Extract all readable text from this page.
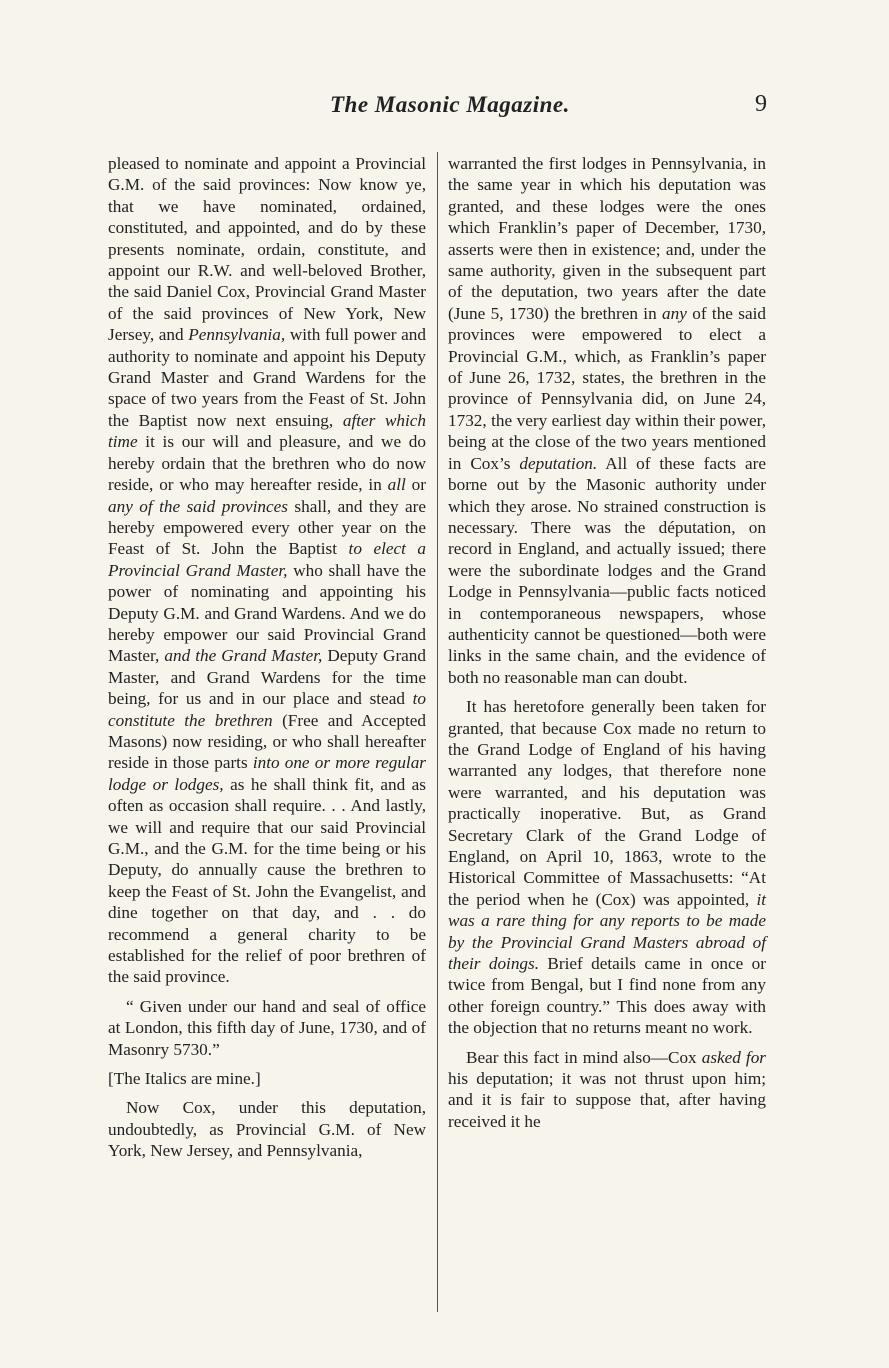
The Masonic Magazine.	9

pleased to nominate and appoint a Provincial G.M. of the said provinces: Now know ye, that we have nominated, ordained, constituted, and appointed, and do by these presents nominate, ordain, constitute, and appoint our R.W. and well-beloved Brother, the said Daniel Cox, Provincial Grand Master of the said provinces of New York, New Jersey, and Pennsylvania, with full power and authority to nominate and appoint his Deputy Grand Master and Grand Wardens for the space of two years from the Feast of St. John the Baptist now next ensuing, after which time it is our will and pleasure, and we do hereby ordain that the brethren who do now reside, or who may hereafter reside, in all or any of the said provinces shall, and they are hereby empowered every other year on the Feast of St. John the Baptist to elect a Provincial Grand Master, who shall have the power of nominating and appointing his Deputy G.M. and Grand Wardens. And we do hereby empower our said Provincial Grand Master, and the Grand Master, Deputy Grand Master, and Grand Wardens for the time being, for us and in our place and stead to constitute the brethren (Free and Accepted Masons) now residing, or who shall hereafter reside in those parts into one or more regular lodge or lodges, as he shall think fit, and as often as occasion shall require. . . And lastly, we will and require that our said Provincial G.M., and the G.M. for the time being or his Deputy, do annually cause the brethren to keep the Feast of St. John the Evangelist, and dine together on that day, and . . do recommend a general charity to be established for the relief of poor brethren of the said province.

“ Given under our hand and seal of office at London, this fifth day of June, 1730, and of Masonry 5730.”

[The Italics are mine.]

Now Cox, under this deputation, undoubtedly, as Provincial G.M. of New York, New Jersey, and Pennsylvania,

warranted the first lodges in Pennsylvania, in the same year in which his deputation was granted, and these lodges were the ones which Franklin’s paper of December, 1730, asserts were then in existence; and, under the same authority, given in the subsequent part of the deputation, two years after the date (June 5, 1730) the brethren in any of the said provinces were empowered to elect a Provincial G.M., which, as Franklin’s paper of June 26, 1732, states, the brethren in the province of Pennsylvania did, on June 24, 1732, the very earliest day within their power, being at the close of the two years mentioned in Cox’s deputation. All of these facts are borne out by the Masonic authority under which they arose. No strained construction is necessary. There was the députation, on record in England, and actually issued; there were the subordinate lodges and the Grand Lodge in Pennsylvania—public facts noticed in contemporaneous newspapers, whose authenticity cannot be questioned—both were links in the same chain, and the evidence of both no reasonable man can doubt.

It has heretofore generally been taken for granted, that because Cox made no return to the Grand Lodge of England of his having warranted any lodges, that therefore none were warranted, and his deputation was practically inoperative. But, as Grand Secretary Clark of the Grand Lodge of England, on April 10, 1863, wrote to the Historical Committee of Massachusetts: “At the period when he (Cox) was appointed, it was a rare thing for any reports to be made by the Provincial Grand Masters abroad of their doings. Brief details came in once or twice from Bengal, but I find none from any other foreign country.” This does away with the objection that no returns meant no work.

Bear this fact in mind also—Cox asked for his deputation; it was not thrust upon him; and it is fair to suppose that, after having received it he
